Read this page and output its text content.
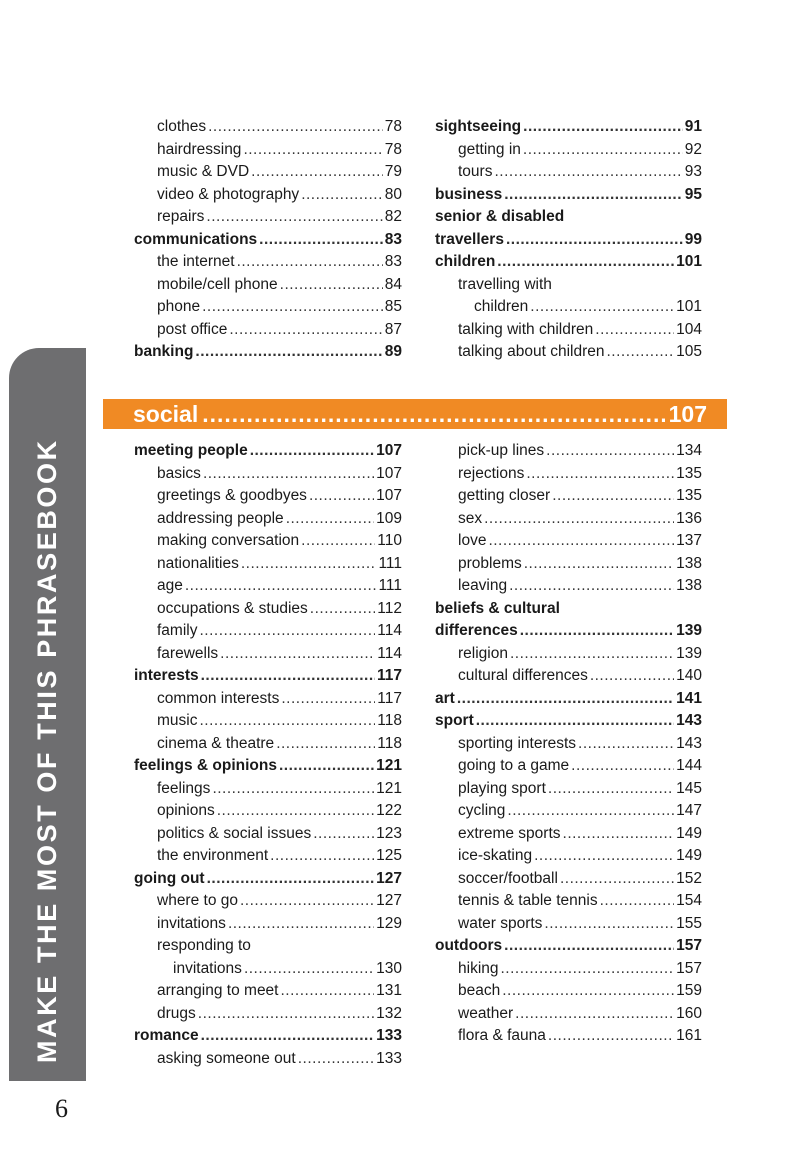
clothes .....	78
hairdressing .....	78
music & DVD .....	79
video & photography .....	80
repairs .....	82
communications .....	83
the internet .....	83
mobile/cell phone .....	84
phone .....	85
post office .....	87
banking .....	89
sightseeing .....	91
getting in .....	92
tours .....	93
business .....	95
senior & disabled
travellers .....	99
children .....	101
travelling with
children .....	101
talking with children .....	104
talking about children .....	105
social .....	107
meeting people .....	107
basics .....	107
greetings & goodbyes .....	107
addressing people .....	109
making conversation .....	110
nationalities .....	111
age .....	111
occupations & studies .....	112
family .....	114
farewells .....	114
interests .....	117
common interests .....	117
music .....	118
cinema & theatre .....	118
feelings & opinions .....	121
feelings .....	121
opinions .....	122
politics & social issues .....	123
the environment .....	125
going out .....	127
where to go .....	127
invitations .....	129
responding to
invitations .....	130
arranging to meet .....	131
drugs .....	132
romance .....	133
asking someone out .....	133
pick-up lines .....	134
rejections .....	135
getting closer .....	135
sex .....	136
love .....	137
problems .....	138
leaving .....	138
beliefs & cultural
differences .....	139
religion .....	139
cultural differences .....	140
art .....	141
sport .....	143
sporting interests .....	143
going to a game .....	144
playing sport .....	145
cycling .....	147
extreme sports .....	149
ice-skating .....	149
soccer/football .....	152
tennis & table tennis .....	154
water sports .....	155
outdoors .....	157
hiking .....	157
beach .....	159
weather .....	160
flora & fauna .....	161
MAKE THE MOST OF THIS PHRASEBOOK
6
